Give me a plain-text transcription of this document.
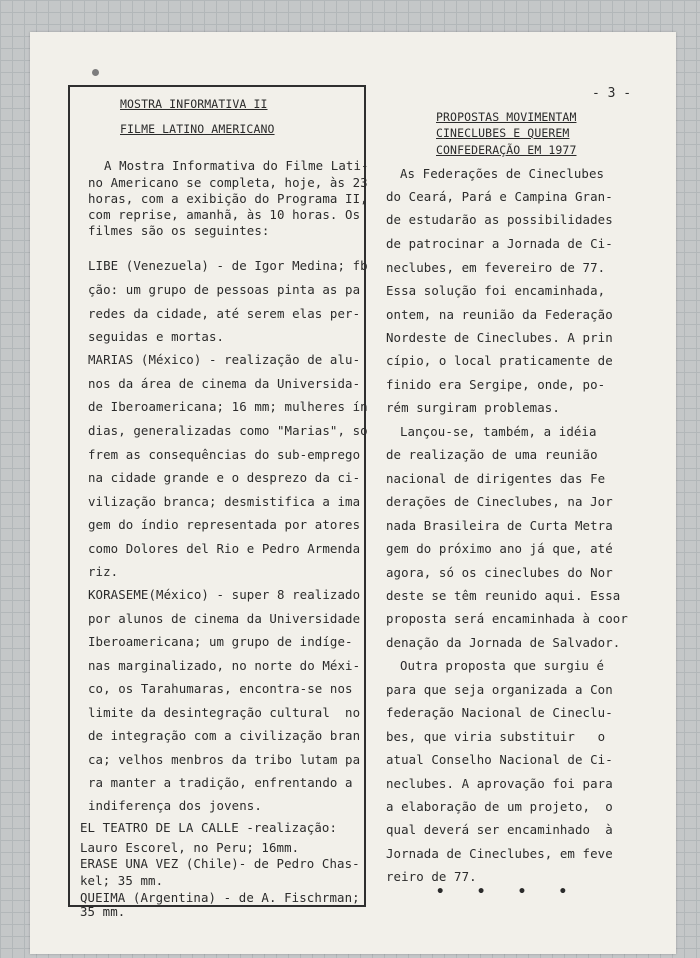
- 3 -
MOSTRA INFORMATIVA II
FILME LATINO AMERICANO
A Mostra Informativa do Filme Lati-
no Americano se completa, hoje, às 23
horas, com a exibição do Programa II,
com reprise, amanhã, às 10 horas. Os
filmes são os seguintes:
LIBE (Venezuela) - de Igor Medina; fb
ção: um grupo de pessoas pinta as pa
redes da cidade, até serem elas per-
seguidas e mortas.
MARIAS (México) - realização de alu-
nos da área de cinema da Universida-
de Iberoamericana; 16 mm; mulheres ín
dias, generalizadas como "Marias", so
frem as consequências do sub-emprego
na cidade grande e o desprezo da ci-
vilização branca; desmistifica a ima
gem do índio representada por atores
como Dolores del Rio e Pedro Armenda
riz.
KORASEME(México) - super 8 realizado
por alunos de cinema da Universidade
Iberoamericana; um grupo de indíge-
nas marginalizado, no norte do Méxi-
co, os Tarahumaras, encontra-se nos
limite da desintegração cultural  no
de integração com a civilização bran
ca; velhos menbros da tribo lutam pa
ra manter a tradição, enfrentando a
indiferença dos jovens.
EL TEATRO DE LA CALLE -realização:
Lauro Escorel, no Peru; 16mm.
ERASE UNA VEZ (Chile)- de Pedro Chas-
kel; 35 mm.
QUEIMA (Argentina) - de A. Fischrman;
35 mm.
PROPOSTAS MOVIMENTAM
CINECLUBES E QUEREM
CONFEDERAÇÃO EM 1977
As Federações de Cineclubes
do Ceará, Pará e Campina Gran-
de estudarão as possibilidades
de patrocinar a Jornada de Ci-
neclubes, em fevereiro de 77.
Essa solução foi encaminhada,
ontem, na reunião da Federação
Nordeste de Cineclubes. A prin
cípio, o local praticamente de
finido era Sergipe, onde, po-
rém surgiram problemas.
Lançou-se, também, a idéia
de realização de uma reunião
nacional de dirigentes das Fe
derações de Cineclubes, na Jor
nada Brasileira de Curta Metra
gem do próximo ano já que, até
agora, só os cineclubes do Nor
deste se têm reunido aqui. Essa
proposta será encaminhada à coor
denação da Jornada de Salvador.
Outra proposta que surgiu é
para que seja organizada a Con
federação Nacional de Cineclu-
bes, que viria substituir   o
atual Conselho Nacional de Ci-
neclubes. A aprovação foi para
a elaboração de um projeto,  o
qual deverá ser encaminhado  à
Jornada de Cineclubes, em feve
reiro de 77.
• • • •
